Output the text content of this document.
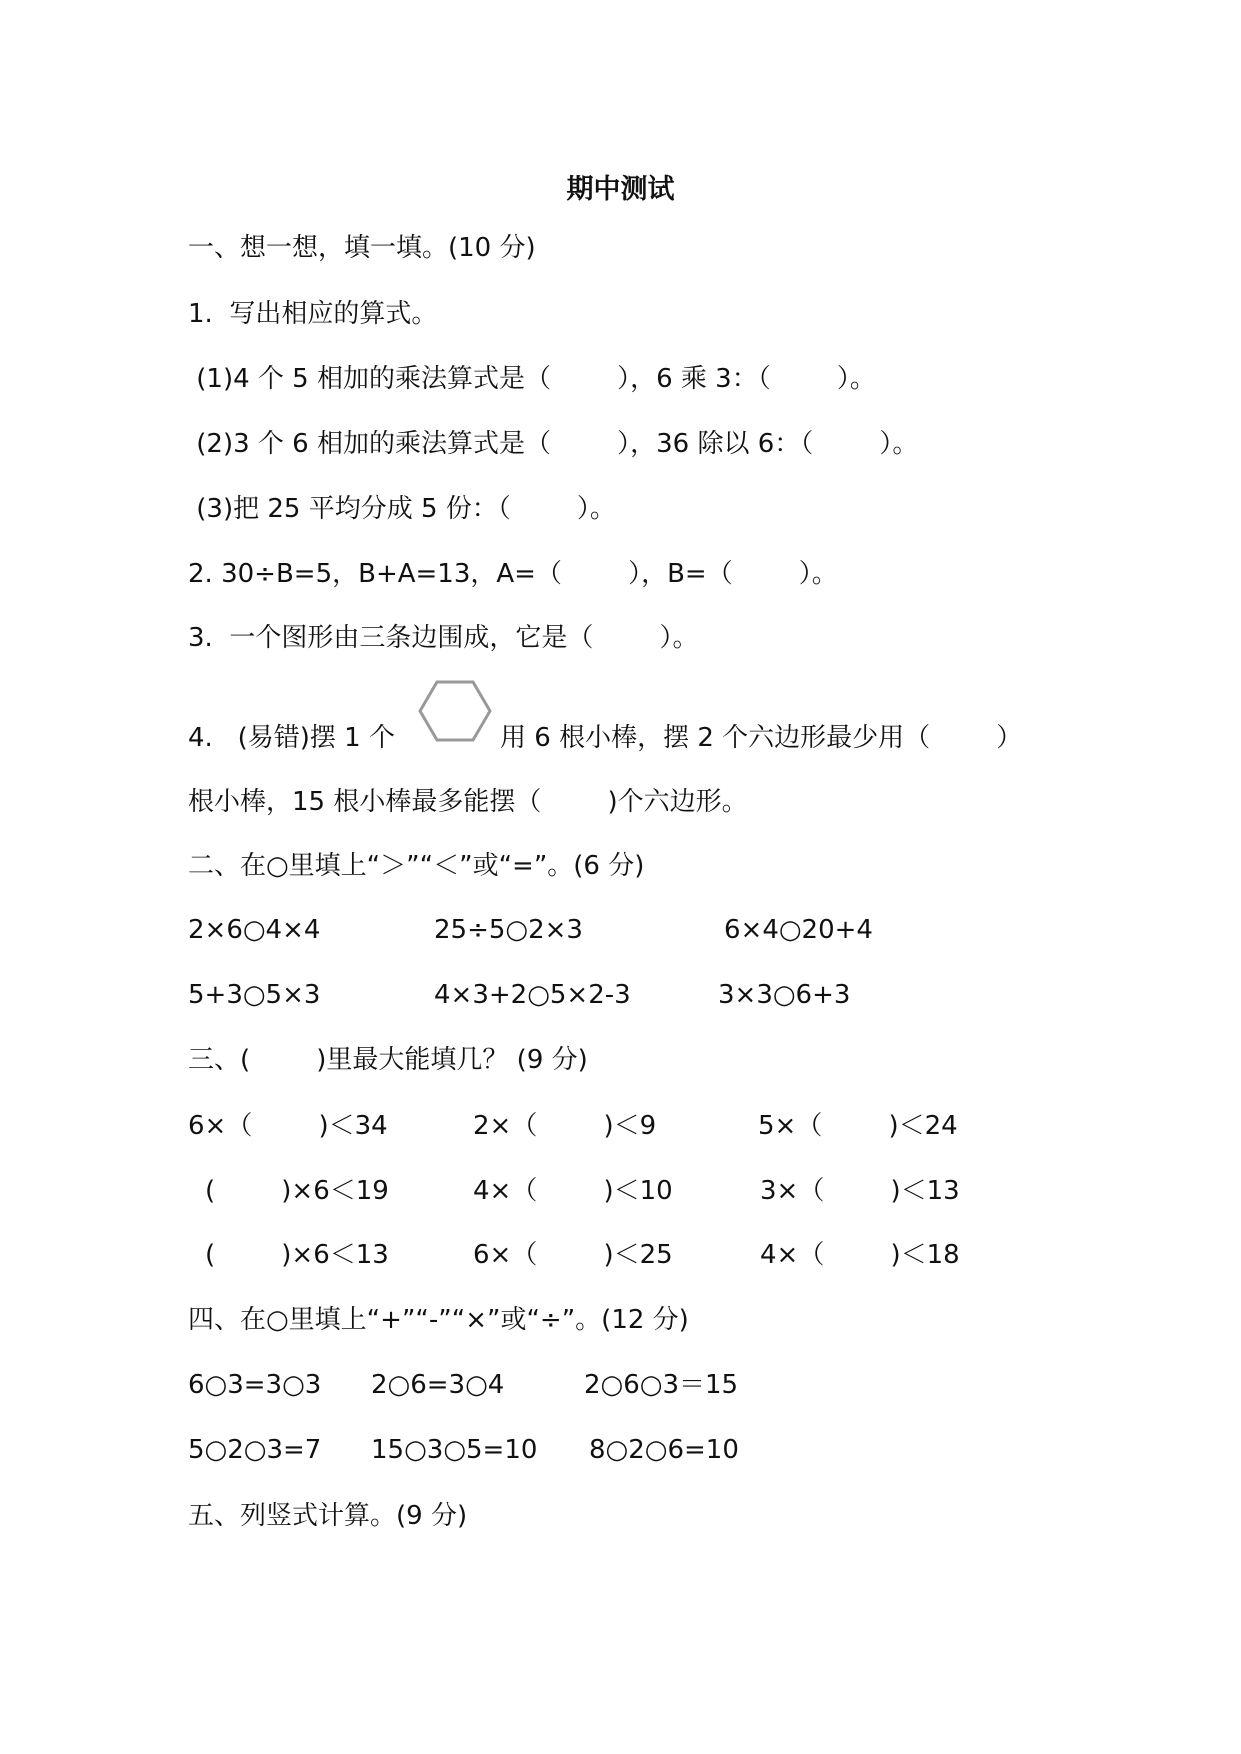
期中测试
一、想一想，填一填。(10 分)
1.  写出相应的算式。
(1)4 个 5 相加的乘法算式是（        ），6 乘 3：（        ）。
(2)3 个 6 相加的乘法算式是（        ），36 除以 6：（        ）。
(3)把 25 平均分成 5 份：（        ）。
2. 30÷B=5，B+A=13，A=（        ），B=（        ）。
3.  一个图形由三条边围成，它是（        ）。
4.   (易错)摆 1 个	用 6 根小棒，摆 2 个六边形最少用（        ）
根小棒，15 根小棒最多能摆（        )个六边形。
二、在○里填上“＞”“＜”或“=”。(6 分)
2×6○4×4	25÷5○2×3	6×4○20+4
5+3○5×3	4×3+2○5×2-3	3×3○6+3
三、(        )里最大能填几？ (9 分)
6×（        )＜34	2×（        )＜9	5×（        )＜24
(        )×6＜19	4×（        )＜10	3×（        )＜13
(        )×6＜13	6×（        )＜25	4×（        )＜18
四、在○里填上“+”“-”“×”或“÷”。(12 分)
6○3=3○3 2○6=3○4	2○6○3＝15
5○2○3=7 15○3○5=10 8○2○6=10
五、列竖式计算。(9 分)
